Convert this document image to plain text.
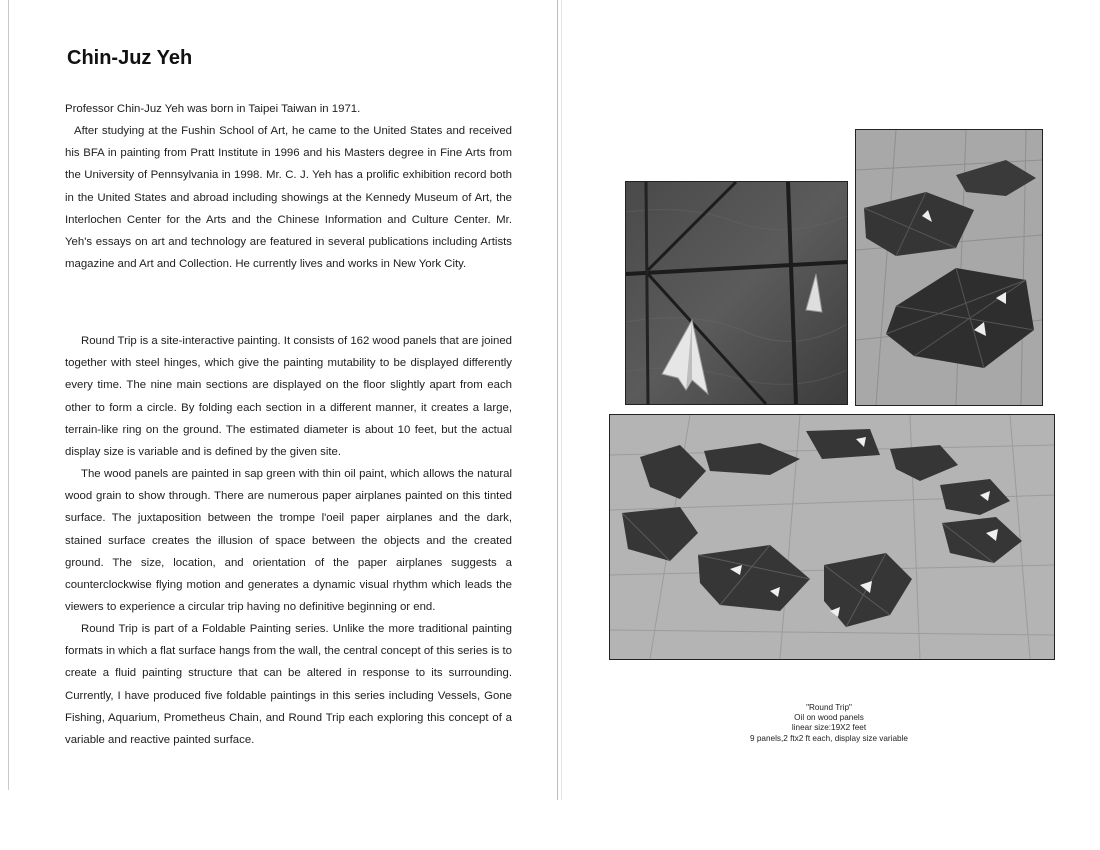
Chin-Juz Yeh

Professor Chin-Juz Yeh was born in Taipei Taiwan in 1971.

After studying at the Fushin School of Art, he came to the United States and received his BFA in painting from Pratt Institute in 1996 and his Masters degree in Fine Arts from the University of Pennsylvania in 1998. Mr. C. J. Yeh has a prolific exhibition record both in the United States and abroad including showings at the Kennedy Museum of Art, the Interlochen Center for the Arts and the Chinese Information and Culture Center. Mr. Yeh's essays on art and technology are featured in several publications including Artists magazine and Art and Collection. He currently lives and works in New York City.

Round Trip is a site-interactive painting. It consists of 162 wood panels that are joined together with steel hinges, which give the painting mutability to be displayed differently every time. The nine main sections are displayed on the floor slightly apart from each other to form a circle. By folding each section in a different manner, it creates a large, terrain-like ring on the ground. The estimated diameter is about 10 feet, but the actual display size is variable and is defined by the given site.

The wood panels are painted in sap green with thin oil paint, which allows the natural wood grain to show through. There are numerous paper airplanes painted on this tinted surface. The juxtaposition between the trompe l'oeil paper airplanes and the dark, stained surface creates the illusion of space between the objects and the created ground. The size, location, and orientation of the paper airplanes suggests a counterclockwise flying motion and generates a dynamic visual rhythm which leads the viewers to experience a circular trip having no definitive beginning or end.

Round Trip is part of a Foldable Painting series. Unlike the more traditional painting formats in which a flat surface hangs from the wall, the central concept of this series is to create a fluid painting structure that can be altered in response to its surrounding. Currently, I have produced five foldable paintings in this series including Vessels, Gone Fishing, Aquarium, Prometheus Chain, and Round Trip each exploring this concept of a variable and reactive painted surface.

"Round Trip"
Oil on wood panels
linear size:19X2 feet
9 panels,2 ftx2 ft each, display size variable
